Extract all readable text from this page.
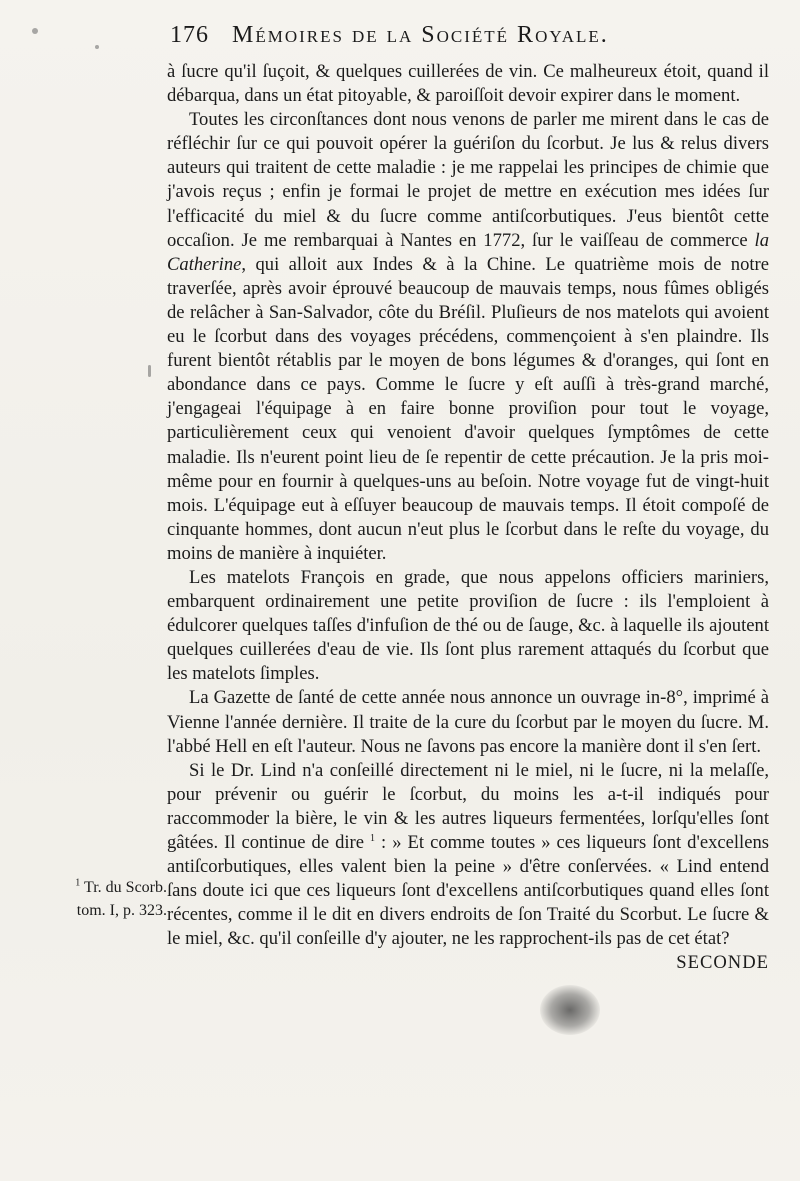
176 Mémoires de la Société Royale.

à ſucre qu'il ſuçoit, & quelques cuillerées de vin. Ce malheureux étoit, quand il débarqua, dans un état pitoyable, & paroiſſoit devoir expirer dans le moment.

Toutes les circonſtances dont nous venons de parler me mirent dans le cas de réfléchir ſur ce qui pouvoit opérer la guériſon du ſcorbut. Je lus & relus divers auteurs qui traitent de cette maladie : je me rappelai les principes de chimie que j'avois reçus ; enfin je formai le projet de mettre en exécution mes idées ſur l'efficacité du miel & du ſucre comme antiſcorbutiques. J'eus bientôt cette occaſion. Je me rembarquai à Nantes en 1772, ſur le vaiſſeau de commerce la Catherine, qui alloit aux Indes & à la Chine. Le quatrième mois de notre traverſée, après avoir éprouvé beaucoup de mauvais temps, nous fûmes obligés de relâcher à San-Salvador, côte du Bréſil. Pluſieurs de nos matelots qui avoient eu le ſcorbut dans des voyages précédens, commençoient à s'en plaindre. Ils furent bientôt rétablis par le moyen de bons légumes & d'oranges, qui ſont en abondance dans ce pays. Comme le ſucre y eſt auſſi à très-grand marché, j'engageai l'équipage à en faire bonne proviſion pour tout le voyage, particulièrement ceux qui venoient d'avoir quelques ſymptômes de cette maladie. Ils n'eurent point lieu de ſe repentir de cette précaution. Je la pris moi-même pour en fournir à quelques-uns au beſoin. Notre voyage fut de vingt-huit mois. L'équipage eut à eſſuyer beaucoup de mauvais temps. Il étoit compoſé de cinquante hommes, dont aucun n'eut plus le ſcorbut dans le reſte du voyage, du moins de manière à inquiéter.

Les matelots François en grade, que nous appelons officiers mariniers, embarquent ordinairement une petite proviſion de ſucre : ils l'emploient à édulcorer quelques taſſes d'infuſion de thé ou de ſauge, &c. à laquelle ils ajoutent quelques cuillerées d'eau de vie. Ils ſont plus rarement attaqués du ſcorbut que les matelots ſimples.

La Gazette de ſanté de cette année nous annonce un ouvrage in-8°, imprimé à Vienne l'année dernière. Il traite de la cure du ſcorbut par le moyen du ſucre. M. l'abbé Hell en eſt l'auteur. Nous ne ſavons pas encore la manière dont il s'en ſert.

Si le Dr. Lind n'a conſeillé directement ni le miel, ni le ſucre, ni la melaſſe, pour prévenir ou guérir le ſcorbut, du moins les a-t-il indiqués pour raccommoder la bière, le vin & les autres liqueurs fermentées, lorſqu'elles ſont gâtées. Il continue de dire $^1$ : » Et comme toutes » ces liqueurs ſont d'excellens antiſcorbutiques, elles valent bien la peine » d'être conſervées. « Lind entend ſans doute ici que ces liqueurs ſont d'excellens antiſcorbutiques quand elles ſont récentes, comme il le dit en divers endroits de ſon Traité du Scorbut. Le ſucre & le miel, &c. qu'il conſeille d'y ajouter, ne les rapprochent-ils pas de cet état?

SECONDE
$^1$ Tr. du Scorb.
tom. I, p. 323.
